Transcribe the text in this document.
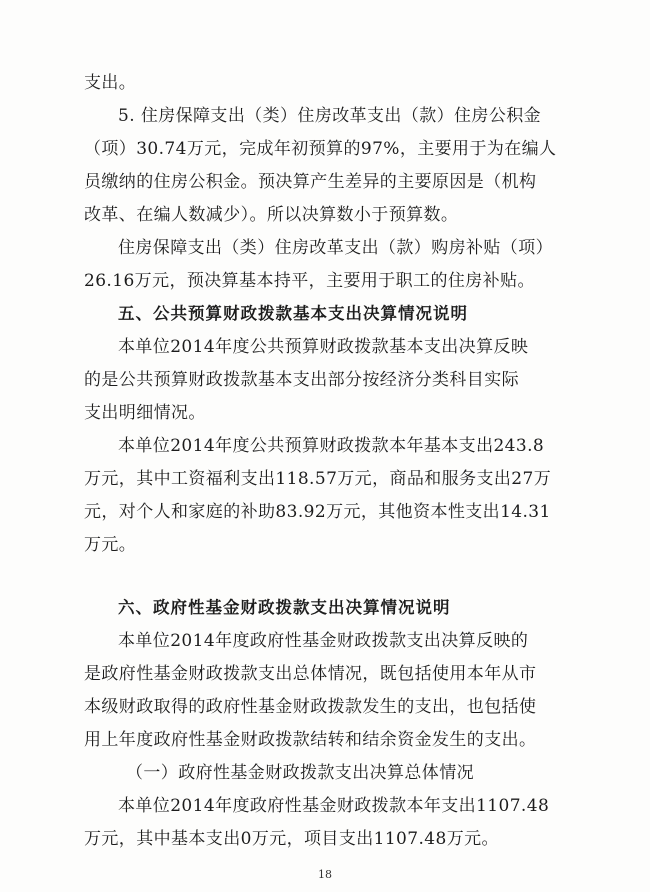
支出。
5. 住房保障支出（类）住房改革支出（款）住房公积金
（项）30.74万元，完成年初预算的97%，主要用于为在编人
员缴纳的住房公积金。预决算产生差异的主要原因是（机构
改革、在编人数减少）。所以决算数小于预算数。
住房保障支出（类）住房改革支出（款）购房补贴（项）
26.16万元，预决算基本持平，主要用于职工的住房补贴。
五、公共预算财政拨款基本支出决算情况说明
本单位2014年度公共预算财政拨款基本支出决算反映
的是公共预算财政拨款基本支出部分按经济分类科目实际
支出明细情况。
本单位2014年度公共预算财政拨款本年基本支出243.8
万元，其中工资福利支出118.57万元，商品和服务支出27万
元，对个人和家庭的补助83.92万元，其他资本性支出14.31
万元。
六、政府性基金财政拨款支出决算情况说明
本单位2014年度政府性基金财政拨款支出决算反映的
是政府性基金财政拨款支出总体情况，既包括使用本年从市
本级财政取得的政府性基金财政拨款发生的支出，也包括使
用上年度政府性基金财政拨款结转和结余资金发生的支出。
（一）政府性基金财政拨款支出决算总体情况
本单位2014年度政府性基金财政拨款本年支出1107.48
万元，其中基本支出0万元，项目支出1107.48万元。
18
